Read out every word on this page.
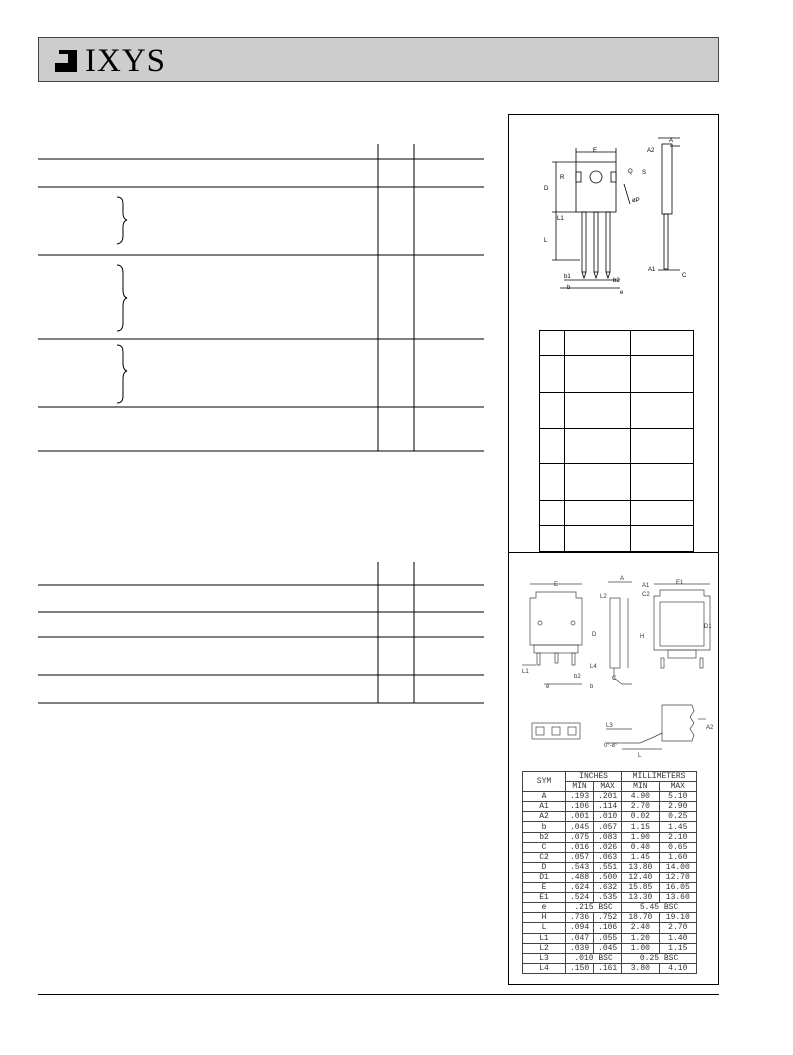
IXYS
E
A
A2
D
R
Q S
øP
L1
L
A1
C
b1
b
b2
e

E
A
A1
C2
E1
L2
D	H
D1
L1
L4
b2	C
b
e
L3	A2
0°-8°
L
SYM	INCHES		MILLIMETERS	
	MIN	MAX	MIN	MAX
A	.193	.201	4.90	5.10
A1	.106	.114	2.70	2.90
A2	.001	.010	0.02	0.25
b	.045	.057	1.15	1.45
b2	.075	.083	1.90	2.10
C	.016	.026	0.40	0.65
C2	.057	.063	1.45	1.60
D	.543	.551	13.80	14.00
D1	.488	.500	12.40	12.70
E	.624	.632	15.85	16.05
E1	.524	.535	13.30	13.60
e	.215 BSC		5.45 BSC	
H	.736	.752	18.70	19.10
L	.094	.106	2.40	2.70
L1	.047	.055	1.20	1.40
L2	.039	.045	1.00	1.15
L3	.010 BSC		0.25 BSC	
L4	.150	.161	3.80	4.10
